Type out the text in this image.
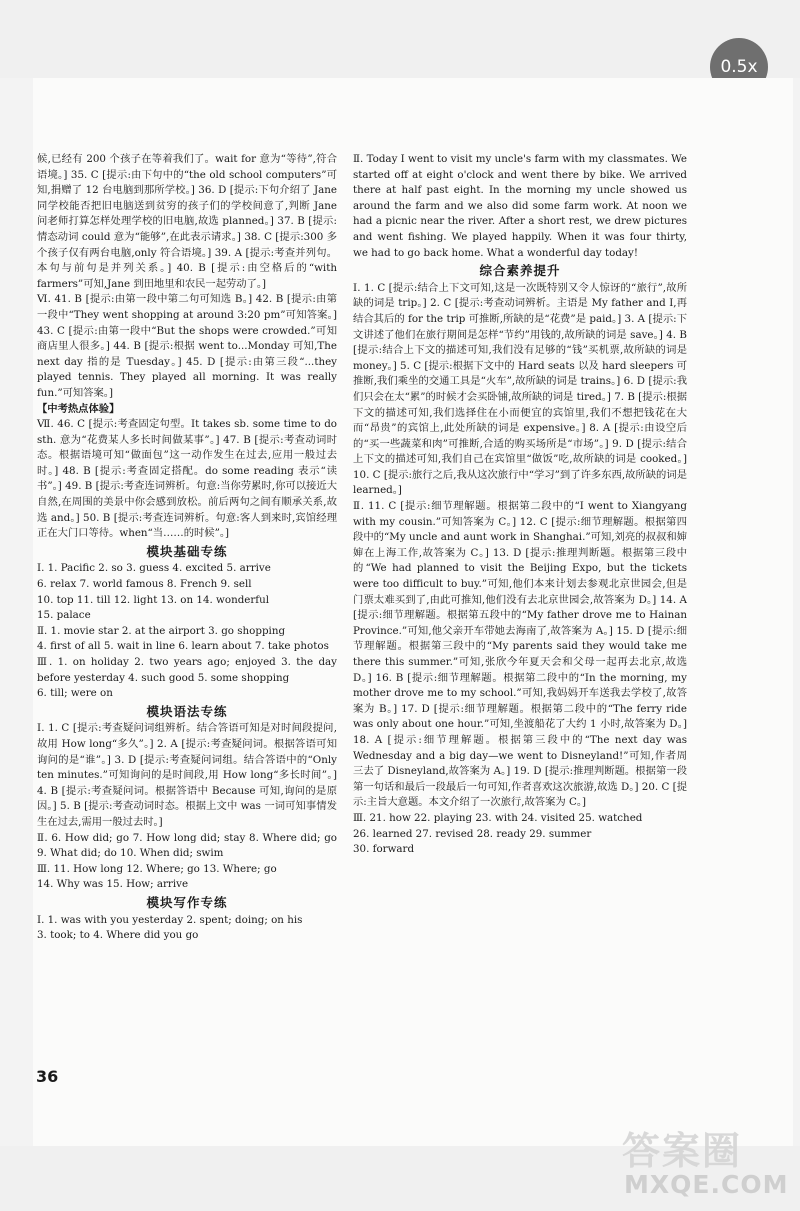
0.5x

候,已经有 200 个孩子在等着我们了。wait for 意为“等待”,符合语境。] 35. C [提示:由下句中的“the old school computers”可知,捐赠了 12 台电脑到那所学校。] 36. D [提示:下句介绍了 Jane 同学校能否把旧电脑送到贫穷的孩子们的学校间意了,判断 Jane 问老师打算怎样处理学校的旧电脑,故选 planned。] 37. B [提示:情态动词 could 意为“能够”,在此表示请求。] 38. C [提示:300 多个孩子仅有两台电脑,only 符合语境。] 39. A [提示:考查并列句。本句与前句是并列关系。] 40. B [提示:由空格后的“with farmers”可知,Jane 到田地里和农民一起劳动了。]

Ⅵ. 41. B [提示:由第一段中第二句可知选 B。] 42. B [提示:由第一段中“They went shopping at around 3:20 pm”可知答案。] 43. C [提示:由第一段中“But the shops were crowded.”可知商店里人很多。] 44. B [提示:根据 went to...Monday 可知,The next day 指的是 Tuesday。] 45. D [提示:由第三段“...they played tennis. They played all morning. It was really fun.”可知答案。]

【中考热点体验】

Ⅶ. 46. C [提示:考查固定句型。It takes sb. some time to do sth. 意为“花费某人多长时间做某事”。] 47. B [提示:考查动词时态。根据语境可知“做面包”这一动作发生在过去,应用一般过去时。] 48. B [提示:考查固定搭配。do some reading 表示“读书”。] 49. B [提示:考查连词辨析。句意:当你劳累时,你可以接近大自然,在周围的美景中你会感到放松。前后两句之间有顺承关系,故选 and。] 50. B [提示:考查连词辨析。句意:客人到来时,宾馆经理正在大门口等待。when“当……的时候”。]

模块基础专练

Ⅰ. 1. Pacific 2. so 3. guess 4. excited 5. arrive

6. relax 7. world famous 8. French 9. sell

10. top 11. till 12. light 13. on 14. wonderful

15. palace

Ⅱ. 1. movie star 2. at the airport 3. go shopping

4. first of all 5. wait in line 6. learn about 7. take photos

Ⅲ. 1. on holiday 2. two years ago; enjoyed 3. the day before yesterday 4. such good 5. some shopping

6. till; were on

模块语法专练

Ⅰ. 1. C [提示:考查疑问词组辨析。结合答语可知是对时间段提问,故用 How long“多久”。] 2. A [提示:考查疑问词。根据答语可知询问的是“谁”。] 3. D [提示:考查疑问词组。结合答语中的“Only ten minutes.”可知询问的是时间段,用 How long“多长时间”。] 4. B [提示:考查疑问词。根据答语中 Because 可知,询问的是原因。] 5. B [提示:考查动词时态。根据上文中 was 一词可知事情发生在过去,需用一般过去时。]

Ⅱ. 6. How did; go 7. How long did; stay 8. Where did; go 9. What did; do 10. When did; swim

Ⅲ. 11. How long 12. Where; go 13. Where; go

14. Why was 15. How; arrive

模块写作专练

Ⅰ. 1. was with you yesterday 2. spent; doing; on his

3. took; to 4. Where did you go

Ⅱ. Today I went to visit my uncle's farm with my classmates. We started off at eight o'clock and went there by bike. We arrived there at half past eight. In the morning my uncle showed us around the farm and we also did some farm work. At noon we had a picnic near the river. After a short rest, we drew pictures and went fishing. We played happily. When it was four thirty, we had to go back home. What a wonderful day today!

综合素养提升

Ⅰ. 1. C [提示:结合上下文可知,这是一次既特别又令人惊讶的“旅行”,故所缺的词是 trip。] 2. C [提示:考查动词辨析。主语是 My father and I,再结合其后的 for the trip 可推断,所缺的是“花费”是 paid。] 3. A [提示:下文讲述了他们在旅行期间是怎样“节约”用钱的,故所缺的词是 save。] 4. B [提示:结合上下文的描述可知,我们没有足够的“钱”买机票,故所缺的词是 money。] 5. C [提示:根据下文中的 Hard seats 以及 hard sleepers 可推断,我们乘坐的交通工具是“火车”,故所缺的词是 trains。] 6. D [提示:我们只会在太“累”的时候才会买卧铺,故所缺的词是 tired。] 7. B [提示:根据下文的描述可知,我们选择住在小而便宜的宾馆里,我们不想把钱花在大而“昂贵”的宾馆上,此处所缺的词是 expensive。] 8. A [提示:由设空后的“买一些蔬菜和肉”可推断,合适的购买场所是“市场”。] 9. D [提示:结合上下文的描述可知,我们自己在宾馆里“做饭”吃,故所缺的词是 cooked。] 10. C [提示:旅行之后,我从这次旅行中“学习”到了许多东西,故所缺的词是 learned。]

Ⅱ. 11. C [提示:细节理解题。根据第二段中的“I went to Xiangyang with my cousin.”可知答案为 C。] 12. C [提示:细节理解题。根据第四段中的“My uncle and aunt work in Shanghai.”可知,刘亮的叔叔和婶婶在上海工作,故答案为 C。] 13. D [提示:推理判断题。根据第三段中的“We had planned to visit the Beijing Expo, but the tickets were too difficult to buy.”可知,他们本来计划去参观北京世园会,但是门票太难买到了,由此可推知,他们没有去北京世园会,故答案为 D。] 14. A [提示:细节理解题。根据第五段中的“My father drove me to Hainan Province.”可知,他父亲开车带她去海南了,故答案为 A。] 15. D [提示:细节理解题。根据第三段中的“My parents said they would take me there this summer.”可知,张欣今年夏天会和父母一起再去北京,故选 D。] 16. B [提示:细节理解题。根据第二段中的“In the morning, my mother drove me to my school.”可知,我妈妈开车送我去学校了,故答案为 B。] 17. D [提示:细节理解题。根据第二段中的“The ferry ride was only about one hour.”可知,坐渡船花了大约 1 小时,故答案为 D。] 18. A [提示:细节理解题。根据第三段中的“The next day was Wednesday and a big day—we went to Disneyland!”可知,作者周三去了 Disneyland,故答案为 A。] 19. D [提示:推理判断题。根据第一段第一句话和最后一段最后一句可知,作者喜欢这次旅游,故选 D。] 20. C [提示:主旨大意题。本文介绍了一次旅行,故答案为 C。]

Ⅲ. 21. how 22. playing 23. with 24. visited 25. watched

26. learned 27. revised 28. ready 29. summer

30. forward

36
答案圈
MXQE.COM
